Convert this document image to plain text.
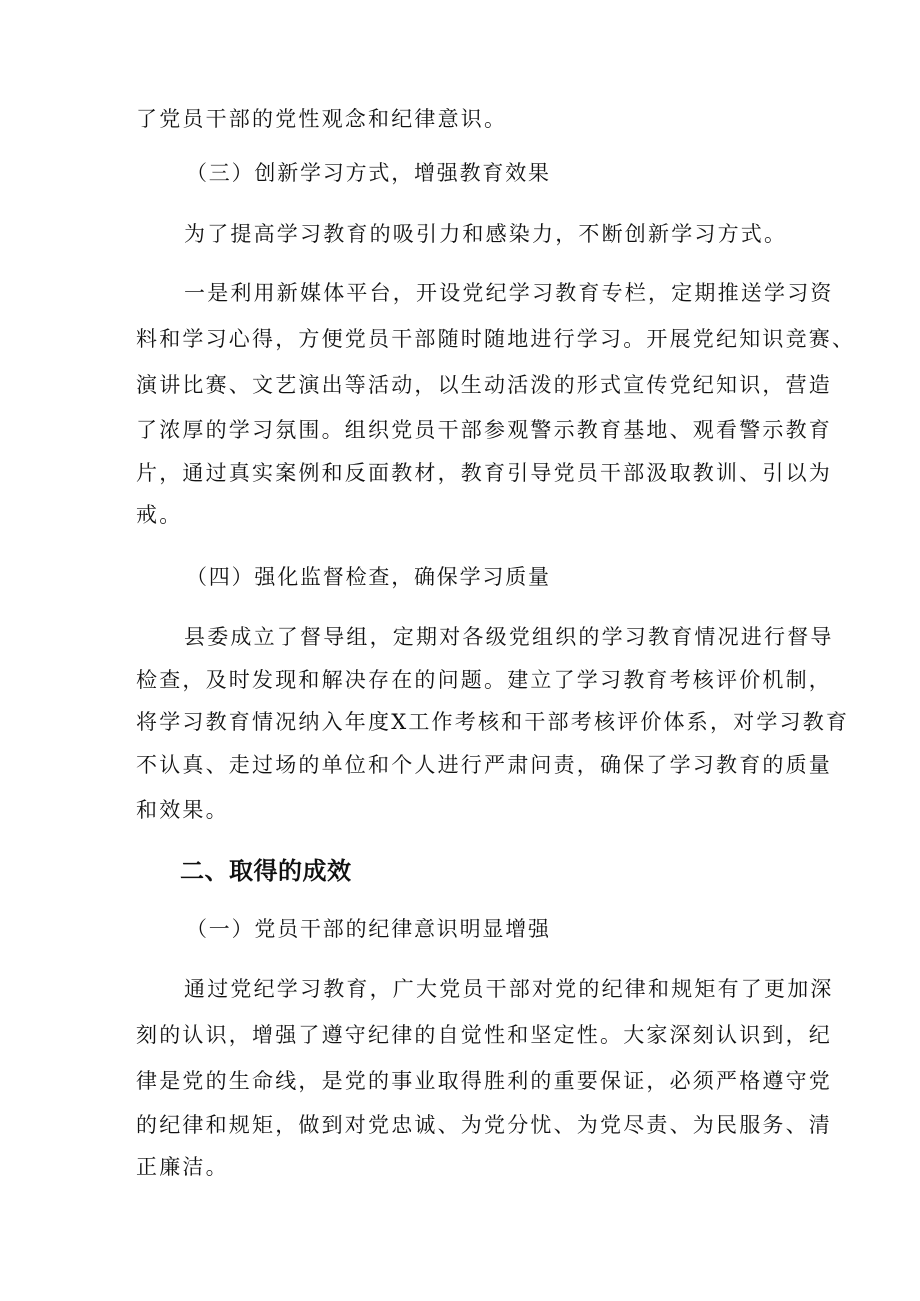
了党员干部的党性观念和纪律意识。
（三）创新学习方式，增强教育效果
为了提高学习教育的吸引力和感染力，不断创新学习方式。
一是利用新媒体平台，开设党纪学习教育专栏，定期推送学习资
料和学习心得，方便党员干部随时随地进行学习。开展党纪知识竞赛、
演讲比赛、文艺演出等活动，以生动活泼的形式宣传党纪知识，营造
了浓厚的学习氛围。组织党员干部参观警示教育基地、观看警示教育
片，通过真实案例和反面教材，教育引导党员干部汲取教训、引以为
戒。
（四）强化监督检查，确保学习质量
县委成立了督导组，定期对各级党组织的学习教育情况进行督导
检查，及时发现和解决存在的问题。建立了学习教育考核评价机制，
将学习教育情况纳入年度X工作考核和干部考核评价体系，对学习教育
不认真、走过场的单位和个人进行严肃问责，确保了学习教育的质量
和效果。
二、取得的成效
（一）党员干部的纪律意识明显增强
通过党纪学习教育，广大党员干部对党的纪律和规矩有了更加深
刻的认识，增强了遵守纪律的自觉性和坚定性。大家深刻认识到，纪
律是党的生命线，是党的事业取得胜利的重要保证，必须严格遵守党
的纪律和规矩，做到对党忠诚、为党分忧、为党尽责、为民服务、清
正廉洁。
